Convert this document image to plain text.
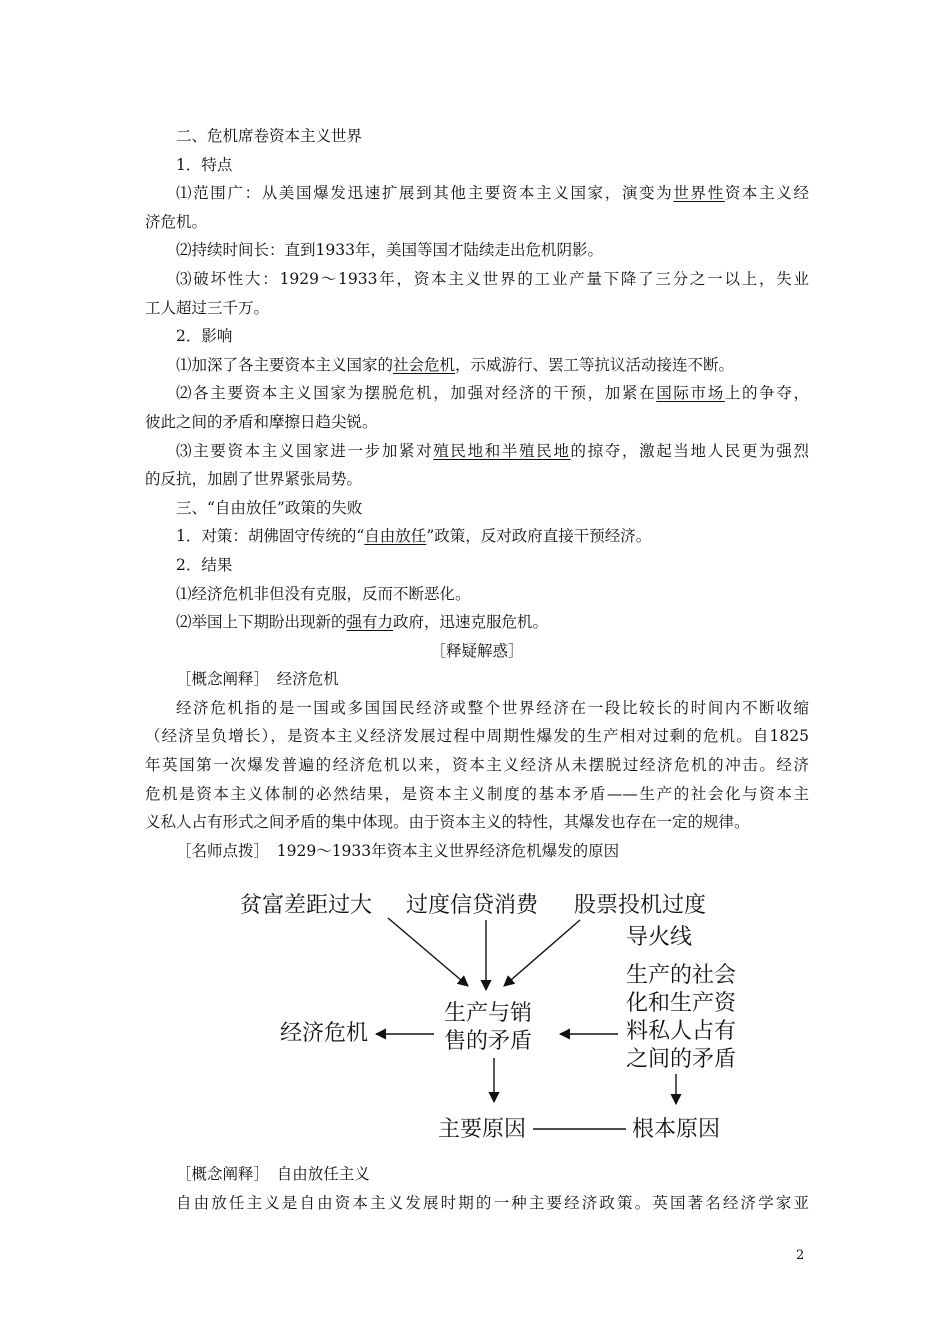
二、危机席卷资本主义世界
1．特点
⑴范围广：从美国爆发迅速扩展到其他主要资本主义国家，演变为世界性资本主义经
济危机。
⑵持续时间长：直到1933年，美国等国才陆续走出危机阴影。
⑶破坏性大：1929～1933年，资本主义世界的工业产量下降了三分之一以上，失业
工人超过三千万。
2．影响
⑴加深了各主要资本主义国家的社会危机，示威游行、罢工等抗议活动接连不断。
⑵各主要资本主义国家为摆脱危机，加强对经济的干预，加紧在国际市场上的争夺，
彼此之间的矛盾和摩擦日趋尖锐。
⑶主要资本主义国家进一步加紧对殖民地和半殖民地的掠夺，激起当地人民更为强烈
的反抗，加剧了世界紧张局势。
三、“自由放任”政策的失败
1．对策：胡佛固守传统的“自由放任”政策，反对政府直接干预经济。
2．结果
⑴经济危机非但没有克服，反而不断恶化。
⑵举国上下期盼出现新的强有力政府，迅速克服危机。
［释疑解惑］
［概念阐释］　经济危机
经济危机指的是一国或多国国民经济或整个世界经济在一段比较长的时间内不断收缩
（经济呈负增长），是资本主义经济发展过程中周期性爆发的生产相对过剩的危机。自1825
年英国第一次爆发普遍的经济危机以来，资本主义经济从未摆脱过经济危机的冲击。经济
危机是资本主义体制的必然结果，是资本主义制度的基本矛盾——生产的社会化与资本主
义私人占有形式之间矛盾的集中体现。由于资本主义的特性，其爆发也存在一定的规律。
［名师点拨］　1929～1933年资本主义世界经济危机爆发的原因
贫富差距过大 过度信贷消费 股票投机过度
导火线
生产与销
售的矛盾
经济危机
生产的社会
化和生产资
料私人占有
之间的矛盾
主要原因	根本原因
［概念阐释］　自由放任主义
自由放任主义是自由资本主义发展时期的一种主要经济政策。英国著名经济学家亚
2
